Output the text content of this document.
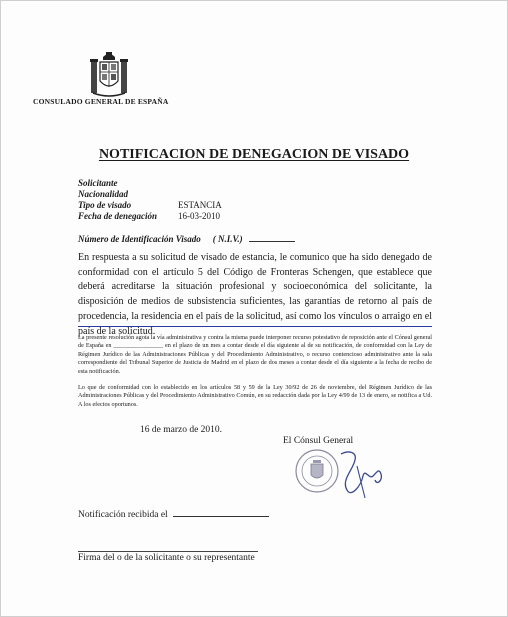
CONSULADO GENERAL DE ESPAÑA
NOTIFICACION DE DENEGACION DE VISADO
Solicitante
Nacionalidad
Tipo de visado	ESTANCIA
Fecha de denegación 16-03-2010
Número de Identificación Visado ( N.I.V.)
En respuesta a su solicitud de visado de estancia, le comunico que ha sido denegado de conformidad con el artículo 5 del Código de Fronteras Schengen, que establece que deberá acreditarse la situación profesional y socioeconómica del solicitante, la disposición de medios de subsistencia suficientes, las garantías de retorno al país de procedencia, la residencia en el país de la solicitud, así como los vínculos o arraigo en el país de la solicitud.
La presente resolución agota la vía administrativa y contra la misma puede interponer recurso potestativo de reposición ante el Cónsul general de España en ________________ en el plazo de un mes a contar desde el día siguiente al de su notificación, de conformidad con la Ley de Régimen Jurídico de las Administraciones Públicas y del Procedimiento Administrativo, o recurso contencioso administrativo ante la sala correspondiente del Tribunal Superior de Justicia de Madrid en el plazo de dos meses a contar desde el día siguiente a la fecha de recibo de esta notificación.
Lo que de conformidad con lo establecido en los artículos 58 y 59 de la Ley 30/92 de 26 de noviembre, del Régimen Jurídico de las Administraciones Públicas y del Procedimiento Administrativo Común, en su redacción dada por la Ley 4/99 de 13 de enero, se notifica a Ud. A los efectos oportunos.
16 de marzo de 2010.
El Cónsul General
Notificación recibida el
Firma del o de la solicitante o su representante
